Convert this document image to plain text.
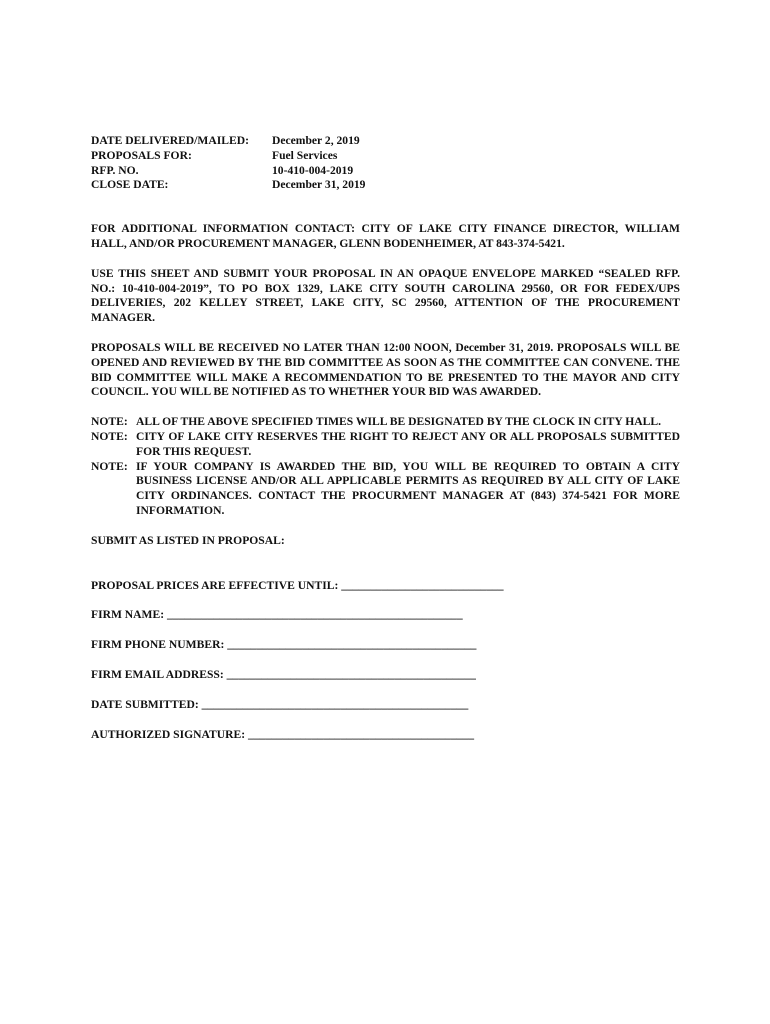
DATE DELIVERED/MAILED:	December 2, 2019
PROPOSALS FOR:	Fuel Services
RFP. NO.	10-410-004-2019
CLOSE DATE:	December 31, 2019

FOR ADDITIONAL INFORMATION CONTACT: CITY OF LAKE CITY FINANCE DIRECTOR, WILLIAM HALL, AND/OR PROCUREMENT MANAGER, GLENN BODENHEIMER, AT 843-374-5421.

USE THIS SHEET AND SUBMIT YOUR PROPOSAL IN AN OPAQUE ENVELOPE MARKED “SEALED RFP. NO.: 10-410-004-2019”, TO PO BOX 1329, LAKE CITY SOUTH CAROLINA 29560, OR FOR FEDEX/UPS DELIVERIES, 202 KELLEY STREET, LAKE CITY, SC 29560, ATTENTION OF THE PROCUREMENT MANAGER.

PROPOSALS WILL BE RECEIVED NO LATER THAN 12:00 NOON, December 31, 2019. PROPOSALS WILL BE OPENED AND REVIEWED BY THE BID COMMITTEE AS SOON AS THE COMMITTEE CAN CONVENE. THE BID COMMITTEE WILL MAKE A RECOMMENDATION TO BE PRESENTED TO THE MAYOR AND CITY COUNCIL. YOU WILL BE NOTIFIED AS TO WHETHER YOUR BID WAS AWARDED.

NOTE: ALL OF THE ABOVE SPECIFIED TIMES WILL BE DESIGNATED BY THE CLOCK IN CITY HALL.
NOTE: CITY OF LAKE CITY RESERVES THE RIGHT TO REJECT ANY OR ALL PROPOSALS SUBMITTED FOR THIS REQUEST.
NOTE: IF YOUR COMPANY IS AWARDED THE BID, YOU WILL BE REQUIRED TO OBTAIN A CITY BUSINESS LICENSE AND/OR ALL APPLICABLE PERMITS AS REQUIRED BY ALL CITY OF LAKE CITY ORDINANCES. CONTACT THE PROCURMENT MANAGER AT (843) 374-5421 FOR MORE INFORMATION.
SUBMIT AS LISTED IN PROPOSAL:
PROPOSAL PRICES ARE EFFECTIVE UNTIL: ____________________________
FIRM NAME: ___________________________________________________
FIRM PHONE NUMBER: ___________________________________________
FIRM EMAIL ADDRESS: ___________________________________________
DATE SUBMITTED: ______________________________________________
AUTHORIZED SIGNATURE: _______________________________________
